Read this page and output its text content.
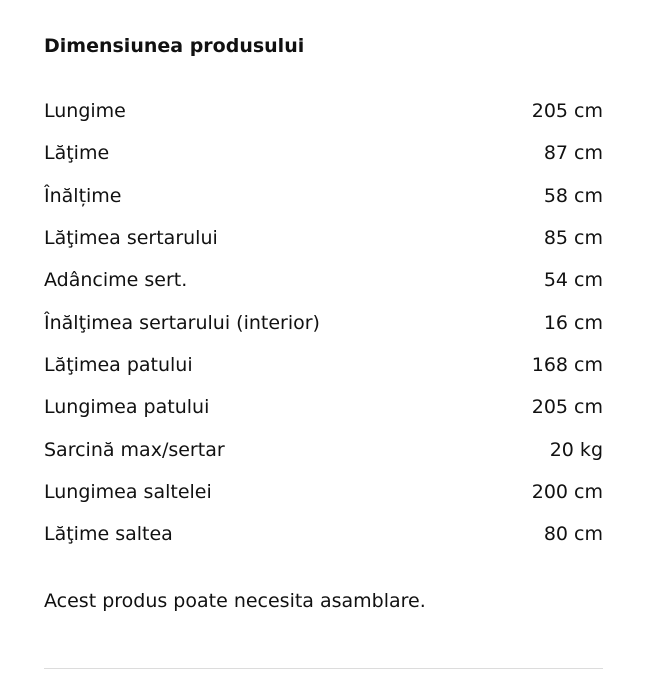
Dimensiunea produsului
Lungime	205 cm
Lăţime	87 cm
Înălțime	58 cm
Lăţimea sertarului	85 cm
Adâncime sert.	54 cm
Înălţimea sertarului (interior)	16 cm
Lăţimea patului	168 cm
Lungimea patului	205 cm
Sarcină max/sertar	20 kg
Lungimea saltelei	200 cm
Lăţime saltea	80 cm
Acest produs poate necesita asamblare.
